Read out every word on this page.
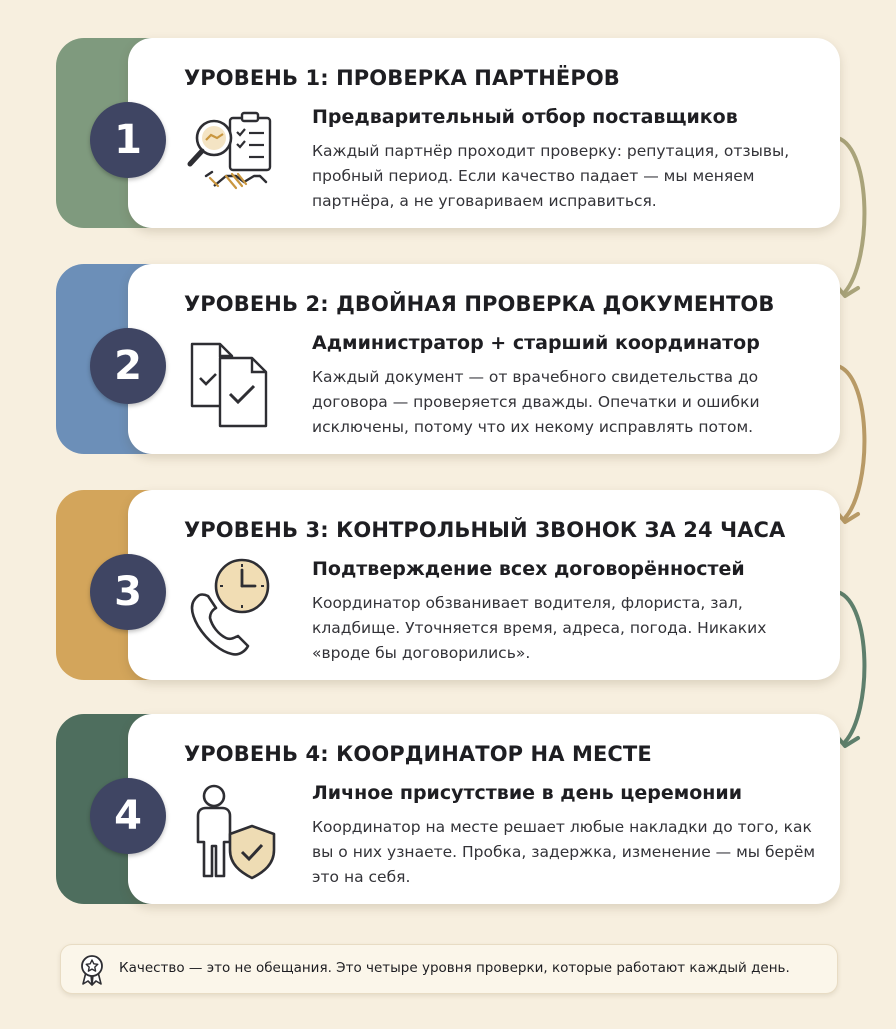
УРОВЕНЬ 1: ПРОВЕРКА ПАРТНЁРОВ
Предварительный отбор поставщиков
Каждый партнёр проходит проверку: репутация, отзывы, пробный период. Если качество падает — мы меняем партнёра, а не уговариваем исправиться.
1
УРОВЕНЬ 2: ДВОЙНАЯ ПРОВЕРКА ДОКУМЕНТОВ
Администратор + старший координатор
Каждый документ — от врачебного свидетельства до договора — проверяется дважды. Опечатки и ошибки исключены, потому что их некому исправлять потом.
2
УРОВЕНЬ 3: КОНТРОЛЬНЫЙ ЗВОНОК ЗА 24 ЧАСА
Подтверждение всех договорённостей
Координатор обзванивает водителя, флориста, зал, кладбище. Уточняется время, адреса, погода. Никаких «вроде бы договорились».
3
УРОВЕНЬ 4: КООРДИНАТОР НА МЕСТЕ
Личное присутствие в день церемонии
Координатор на месте решает любые накладки до того, как вы о них узнаете. Пробка, задержка, изменение — мы берём это на себя.
4
Качество — это не обещания. Это четыре уровня проверки, которые работают каждый день.
